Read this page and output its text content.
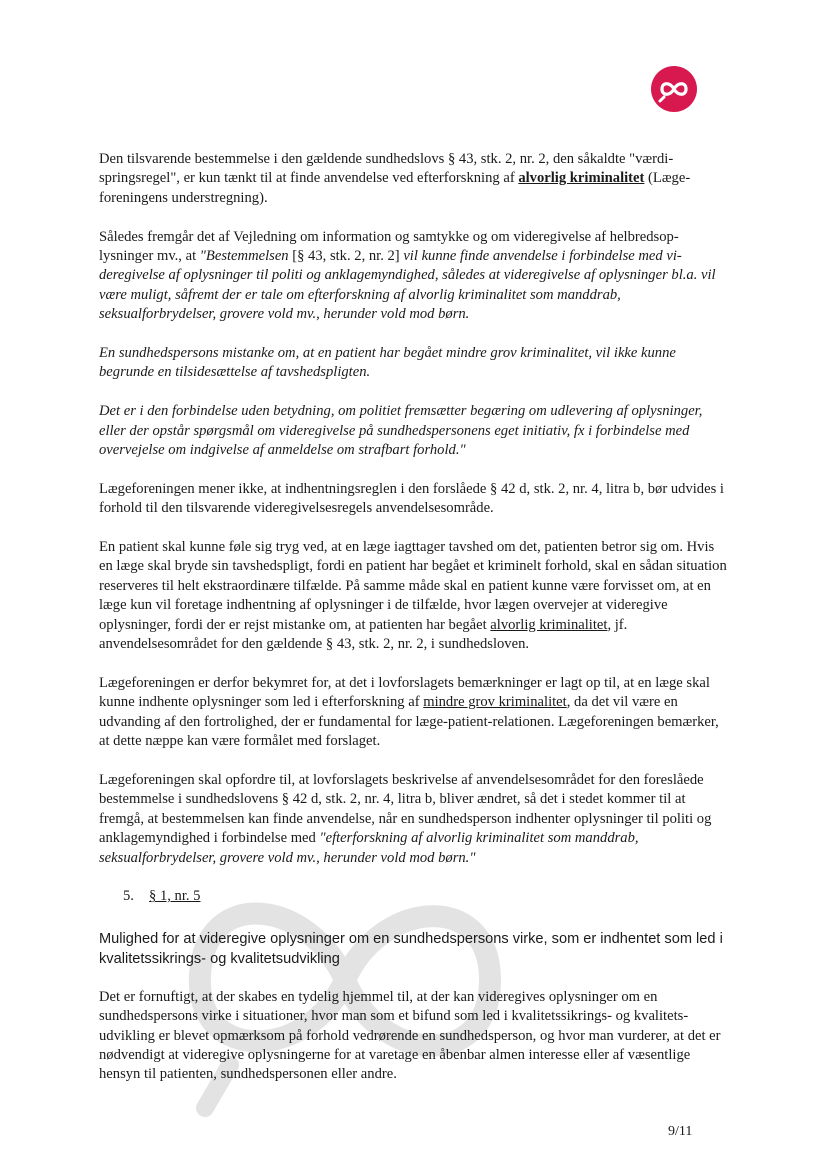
Den tilsvarende bestemmelse i den gældende sundhedslovs § 43, stk. 2, nr. 2, den såkaldte "værdispringsregel", er kun tænkt til at finde anvendelse ved efterforskning af alvorlig kriminalitet (Lægeforeningens understregning).

Således fremgår det af Vejledning om information og samtykke og om videregivelse af helbredsoplysninger mv., at "Bestemmelsen [§ 43, stk. 2, nr. 2] vil kunne finde anvendelse i forbindelse med videregivelse af oplysninger til politi og anklagemyndighed, således at videregivelse af oplysninger bl.a. vil være muligt, såfremt der er tale om efterforskning af alvorlig kriminalitet som manddrab, seksualforbrydelser, grovere vold mv., herunder vold mod børn.

En sundhedspersons mistanke om, at en patient har begået mindre grov kriminalitet, vil ikke kunne begrunde en tilsidesættelse af tavshedspligten.

Det er i den forbindelse uden betydning, om politiet fremsætter begæring om udlevering af oplysninger, eller der opstår spørgsmål om videregivelse på sundhedspersonens eget initiativ, fx i forbindelse med overvejelse om indgivelse af anmeldelse om strafbart forhold."

Lægeforeningen mener ikke, at indhentningsreglen i den forslåede § 42 d, stk. 2, nr. 4, litra b, bør udvides i forhold til den tilsvarende videregivelsesregels anvendelsesområde.

En patient skal kunne føle sig tryg ved, at en læge iagttager tavshed om det, patienten betror sig om. Hvis en læge skal bryde sin tavshedspligt, fordi en patient har begået et kriminelt forhold, skal en sådan situation reserveres til helt ekstraordinære tilfælde. På samme måde skal en patient kunne være forvisset om, at en læge kun vil foretage indhentning af oplysninger i de tilfælde, hvor lægen overvejer at videregive oplysninger, fordi der er rejst mistanke om, at patienten har begået alvorlig kriminalitet, jf. anvendelsesområdet for den gældende § 43, stk. 2, nr. 2, i sundhedsloven.

Lægeforeningen er derfor bekymret for, at det i lovforslagets bemærkninger er lagt op til, at en læge skal kunne indhente oplysninger som led i efterforskning af mindre grov kriminalitet, da det vil være en udvanding af den fortrolighed, der er fundamental for læge-patient-relationen. Lægeforeningen bemærker, at dette næppe kan være formålet med forslaget.

Lægeforeningen skal opfordre til, at lovforslagets beskrivelse af anvendelsesområdet for den foreslåede bestemmelse i sundhedslovens § 42 d, stk. 2, nr. 4, litra b, bliver ændret, så det i stedet kommer til at fremgå, at bestemmelsen kan finde anvendelse, når en sundhedsperson indhenter oplysninger til politi og anklagemyndighed i forbindelse med "efterforskning af alvorlig kriminalitet som manddrab, seksualforbrydelser, grovere vold mv., herunder vold mod børn."

5. § 1, nr. 5
Mulighed for at videregive oplysninger om en sundhedspersons virke, som er indhentet som led i kvalitetssikrings- og kvalitetsudvikling

Det er fornuftigt, at der skabes en tydelig hjemmel til, at der kan videregives oplysninger om en sundhedspersons virke i situationer, hvor man som et bifund som led i kvalitetssikrings- og kvalitetsudvikling er blevet opmærksom på forhold vedrørende en sundhedsperson, og hvor man vurderer, at det er nødvendigt at videregive oplysningerne for at varetage en åbenbar almen interesse eller af væsentlige hensyn til patienten, sundhedspersonen eller andre.

9/11
